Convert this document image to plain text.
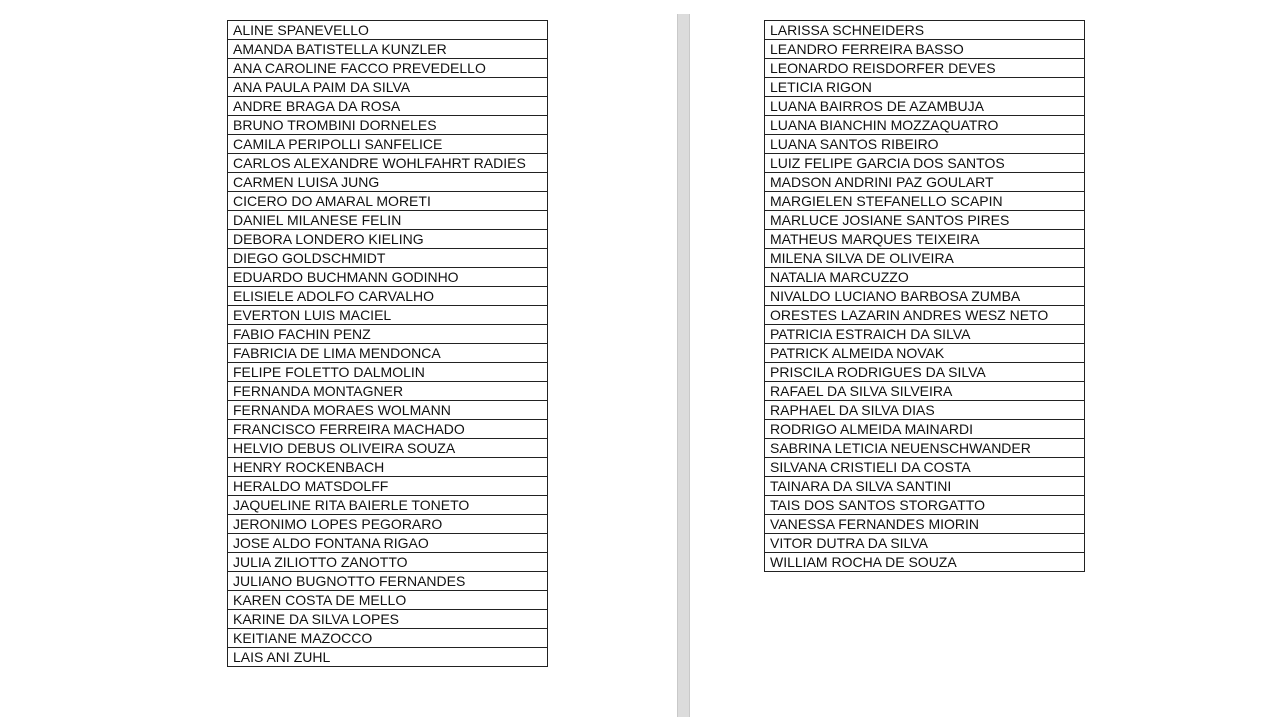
ALINE SPANEVELLO
AMANDA BATISTELLA KUNZLER
ANA CAROLINE FACCO PREVEDELLO
ANA PAULA PAIM DA SILVA
ANDRE BRAGA DA ROSA
BRUNO TROMBINI DORNELES
CAMILA PERIPOLLI SANFELICE
CARLOS ALEXANDRE WOHLFAHRT RADIES
CARMEN LUISA JUNG
CICERO DO AMARAL MORETI
DANIEL MILANESE FELIN
DEBORA LONDERO KIELING
DIEGO GOLDSCHMIDT
EDUARDO BUCHMANN GODINHO
ELISIELE ADOLFO CARVALHO
EVERTON LUIS MACIEL
FABIO FACHIN PENZ
FABRICIA DE LIMA MENDONCA
FELIPE FOLETTO DALMOLIN
FERNANDA MONTAGNER
FERNANDA MORAES WOLMANN
FRANCISCO FERREIRA MACHADO
HELVIO DEBUS OLIVEIRA SOUZA
HENRY ROCKENBACH
HERALDO MATSDOLFF
JAQUELINE RITA BAIERLE TONETO
JERONIMO LOPES PEGORARO
JOSE ALDO FONTANA RIGAO
JULIA ZILIOTTO ZANOTTO
JULIANO BUGNOTTO FERNANDES
KAREN COSTA DE MELLO
KARINE DA SILVA LOPES
KEITIANE MAZOCCO
LAIS ANI ZUHL
LARISSA SCHNEIDERS
LEANDRO FERREIRA BASSO
LEONARDO REISDORFER DEVES
LETICIA RIGON
LUANA BAIRROS DE AZAMBUJA
LUANA BIANCHIN MOZZAQUATRO
LUANA SANTOS RIBEIRO
LUIZ FELIPE GARCIA DOS SANTOS
MADSON ANDRINI PAZ GOULART
MARGIELEN STEFANELLO SCAPIN
MARLUCE JOSIANE SANTOS PIRES
MATHEUS MARQUES TEIXEIRA
MILENA SILVA DE OLIVEIRA
NATALIA MARCUZZO
NIVALDO LUCIANO BARBOSA ZUMBA
ORESTES LAZARIN ANDRES WESZ NETO
PATRICIA ESTRAICH DA SILVA
PATRICK ALMEIDA NOVAK
PRISCILA RODRIGUES DA SILVA
RAFAEL DA SILVA SILVEIRA
RAPHAEL DA SILVA DIAS
RODRIGO ALMEIDA MAINARDI
SABRINA LETICIA NEUENSCHWANDER
SILVANA CRISTIELI DA COSTA
TAINARA DA SILVA SANTINI
TAIS DOS SANTOS STORGATTO
VANESSA FERNANDES MIORIN
VITOR DUTRA DA SILVA
WILLIAM ROCHA DE SOUZA
